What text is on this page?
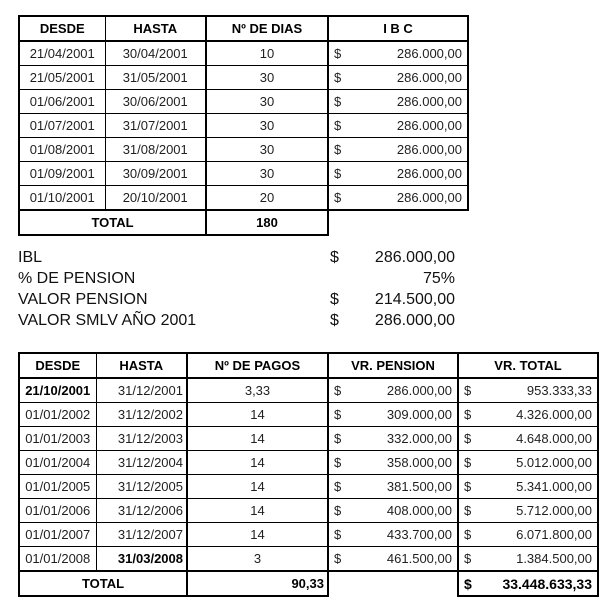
DESDE	HASTA	Nº DE DIAS	I B C
21/04/2001	30/04/2001	10	$ 286.000,00

21/05/2001	31/05/2001	30	$ 286.000,00

01/06/2001	30/06/2001	30	$ 286.000,00

01/07/2001	31/07/2001	30	$ 286.000,00

01/08/2001	31/08/2001	30	$ 286.000,00

01/09/2001	30/09/2001	30	$ 286.000,00

01/10/2001	20/10/2001	20	$ 286.000,00

TOTAL		180	
IBL	$ 286.000,00
% DE PENSION	75%
VALOR PENSION	$ 214.500,00
VALOR SMLV AÑO 2001	$ 286.000,00
DESDE	HASTA	Nº DE PAGOS	VR. PENSION	VR. TOTAL
21/10/2001	31/12/2001	3,33	$ 286.000,00	$ 953.333,33

01/01/2002	31/12/2002	14	$ 309.000,00	$ 4.326.000,00

01/01/2003	31/12/2003	14	$ 332.000,00	$ 4.648.000,00

01/01/2004	31/12/2004	14	$ 358.000,00	$ 5.012.000,00

01/01/2005	31/12/2005	14	$ 381.500,00	$ 5.341.000,00

01/01/2006	31/12/2006	14	$ 408.000,00	$ 5.712.000,00

01/01/2007	31/12/2007	14	$ 433.700,00	$ 6.071.800,00

01/01/2008	31/03/2008	3	$ 461.500,00	$ 1.384.500,00

TOTAL		90,33		$ 33.448.633,33
